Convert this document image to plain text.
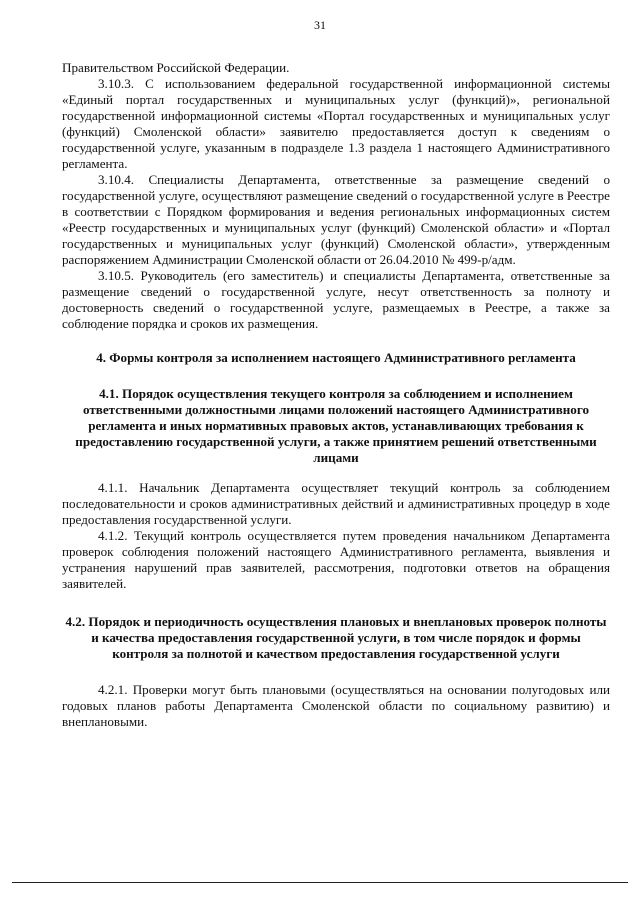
31

Правительством Российской Федерации.

3.10.3. С использованием федеральной государственной информационной системы «Единый портал государственных и муниципальных услуг (функций)», региональной государственной информационной системы «Портал государственных и муниципальных услуг (функций) Смоленской области» заявителю предоставляется доступ к сведениям о государственной услуге, указанным в подразделе 1.3 раздела 1 настоящего Административного регламента.

3.10.4. Специалисты Департамента, ответственные за размещение сведений о государственной услуге, осуществляют размещение сведений о государственной услуге в Реестре в соответствии с Порядком формирования и ведения региональных информационных систем «Реестр государственных и муниципальных услуг (функций) Смоленской области» и «Портал государственных и муниципальных услуг (функций) Смоленской области», утвержденным распоряжением Администрации Смоленской области от 26.04.2010 № 499-р/адм.

3.10.5. Руководитель (его заместитель) и специалисты Департамента, ответственные за размещение сведений о государственной услуге, несут ответственность за полноту и достоверность сведений о государственной услуге, размещаемых в Реестре, а также за соблюдение порядка и сроков их размещения.

4. Формы контроля за исполнением настоящего Административного регламента

4.1. Порядок осуществления текущего контроля за соблюдением и исполнением ответственными должностными лицами положений настоящего Административного регламента и иных нормативных правовых актов, устанавливающих требования к предоставлению государственной услуги, а также принятием решений ответственными лицами

4.1.1. Начальник Департамента осуществляет текущий контроль за соблюдением последовательности и сроков административных действий и административных процедур в ходе предоставления государственной услуги.

4.1.2. Текущий контроль осуществляется путем проведения начальником Департамента проверок соблюдения положений настоящего Административного регламента, выявления и устранения нарушений прав заявителей, рассмотрения, подготовки ответов на обращения заявителей.

4.2. Порядок и периодичность осуществления плановых и внеплановых проверок полноты и качества предоставления государственной услуги, в том числе порядок и формы контроля за полнотой и качеством предоставления государственной услуги

4.2.1. Проверки могут быть плановыми (осуществляться на основании полугодовых или годовых планов работы Департамента Смоленской области по социальному развитию) и внеплановыми.
